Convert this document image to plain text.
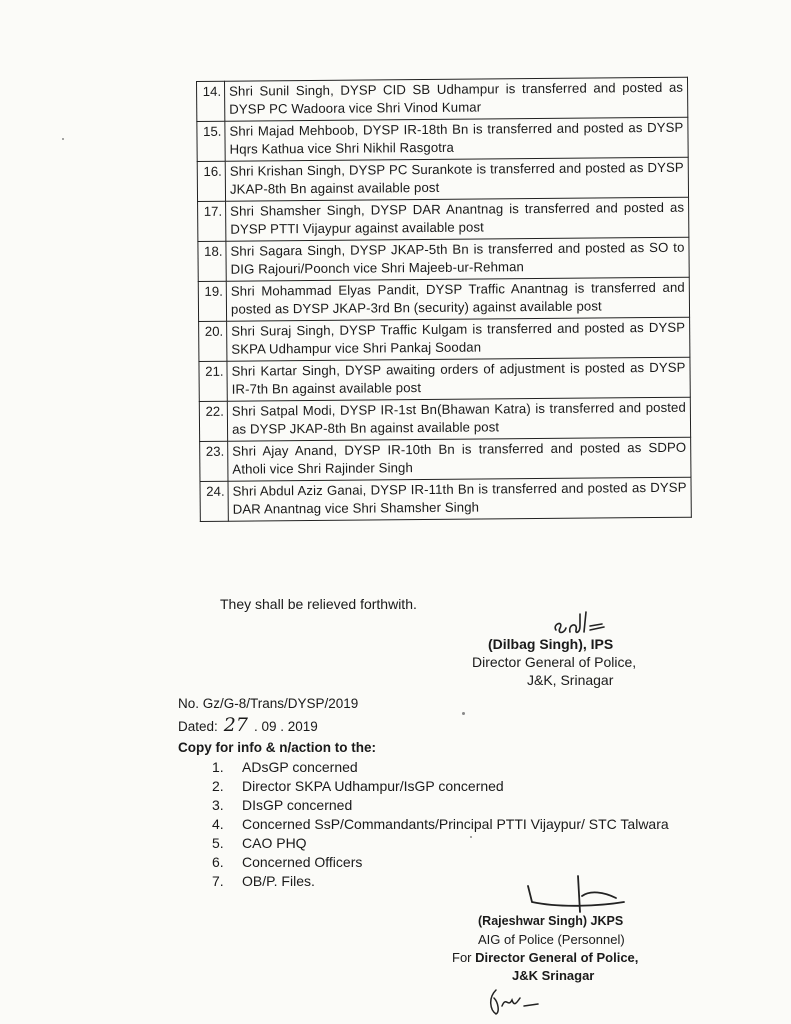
14.	Shri Sunil Singh, DYSP CID SB Udhampur is transferred and posted as DYSP PC Wadoora vice Shri Vinod Kumar
15.	Shri Majad Mehboob, DYSP IR-18th Bn is transferred and posted as DYSP Hqrs Kathua vice Shri Nikhil Rasgotra
16.	Shri Krishan Singh, DYSP PC Surankote is transferred and posted as DYSP JKAP-8th Bn against available post
17.	Shri Shamsher Singh, DYSP DAR Anantnag is transferred and posted as DYSP PTTI Vijaypur against available post
18.	Shri Sagara Singh, DYSP JKAP-5th Bn is transferred and posted as SO to DIG Rajouri/Poonch vice Shri Majeeb-ur-Rehman
19.	Shri Mohammad Elyas Pandit, DYSP Traffic Anantnag is transferred and posted as DYSP JKAP-3rd Bn (security) against available post
20.	Shri Suraj Singh, DYSP Traffic Kulgam is transferred and posted as DYSP SKPA Udhampur vice Shri Pankaj Soodan
21.	Shri Kartar Singh, DYSP awaiting orders of adjustment is posted as DYSP IR-7th Bn against available post
22.	Shri Satpal Modi, DYSP IR-1st Bn(Bhawan Katra) is transferred and posted as DYSP JKAP-8th Bn against available post
23.	Shri Ajay Anand, DYSP IR-10th Bn is transferred and posted as SDPO Atholi vice Shri Rajinder Singh
24.	Shri Abdul Aziz Ganai, DYSP IR-11th Bn is transferred and posted as DYSP DAR Anantnag vice Shri Shamsher Singh
They shall be relieved forthwith.
(Dilbag Singh), IPS
Director General of Police,
J&K, Srinagar
No. Gz/G-8/Trans/DYSP/2019
Dated: 27 . 09 . 2019
Copy for info & n/action to the:
1.	ADsGP concerned
2.	Director SKPA Udhampur/IsGP concerned
3.	DIsGP concerned
4.	Concerned SsP/Commandants/Principal PTTI Vijaypur/ STC Talwara
5.	CAO PHQ
6.	Concerned Officers
7.	OB/P. Files.
(Rajeshwar Singh) JKPS
AIG of Police (Personnel)
For Director General of Police,
J&K Srinagar
